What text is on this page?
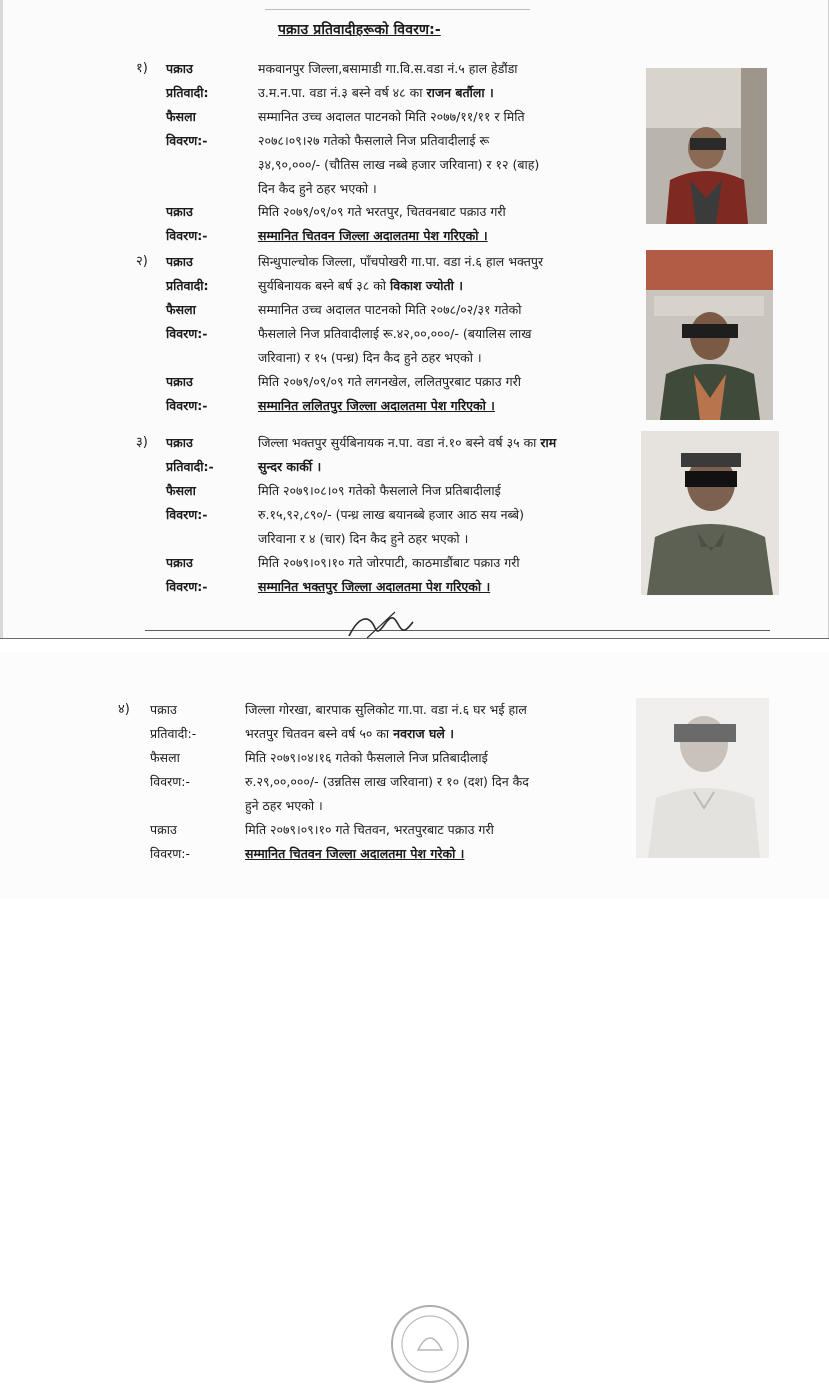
पक्राउ प्रतिवादीहरूको विवरण:-
१) पक्राउ
प्रतिवादी:
मकवानपुर जिल्ला,बसामाडी गा.वि.स.वडा नं.५ हाल हेडौंडा
उ.म.न.पा. वडा नं.३ बस्ने वर्ष ४८ का राजन बर्तौला ।
फैसला
विवरण:-
सम्मानित उच्च अदालत पाटनको मिति २०७७/११/११ र मिति
२०७८।०९।२७ गतेको फैसलाले निज प्रतिवादीलाई रू
३४,९०,०००/- (चौतिस लाख नब्बे हजार जरिवाना) र १२ (बाह)
दिन कैद हुने ठहर भएको ।
पक्राउ
विवरण:-
मिति २०७९/०९/०९ गते भरतपुर, चितवनबाट पक्राउ गरी
सम्मानित चितवन जिल्ला अदालतमा पेश गरिएको ।
२) पक्राउ
प्रतिवादी:
सिन्धुपाल्चोक जिल्ला, पाँचपोखरी गा.पा. वडा नं.६ हाल भक्तपुर
सुर्यबिनायक बस्ने बर्ष ३८ को विकाश ज्योती ।
फैसला
विवरण:-
सम्मानित उच्च अदालत पाटनको मिति २०७८/०२/३१ गतेको
फैसलाले निज प्रतिवादीलाई रू.४२,००,०००/- (बयालिस लाख
जरिवाना) र १५ (पन्ध्र) दिन कैद हुने ठहर भएको ।
पक्राउ
विवरण:-
मिति २०७९/०९/०९ गते लगनखेल, ललितपुरबाट पक्राउ गरी
सम्मानित ललितपुर जिल्ला अदालतमा पेश गरिएको ।
३) पक्राउ
प्रतिवादी:-
जिल्ला भक्तपुर सुर्यबिनायक न.पा. वडा नं.१० बस्ने वर्ष ३५ का राम
सुन्दर कार्की ।
फैसला
विवरण:-
मिति २०७९।०८।०९ गतेको फैसलाले निज प्रतिबादीलाई
रु.१५,९२,८९०/- (पन्ध्र लाख बयानब्बे हजार आठ सय नब्बे)
जरिवाना र ४ (चार) दिन कैद हुने ठहर भएको ।
पक्राउ
विवरण:-
मिति २०७९।०९।१० गते जोरपाटी, काठमाडौंबाट पक्राउ गरी
सम्मानित भक्तपुर जिल्ला अदालतमा पेश गरिएको ।
४) पक्राउ
प्रतिवादी:-
जिल्ला गोरखा, बारपाक सुलिकोट गा.पा. वडा नं.६ घर भई हाल
भरतपुर चितवन बस्ने वर्ष ५० का नवराज घले ।
फैसला
विवरण:-
मिति २०७९।०४।१६ गतेको फैसलाले निज प्रतिबादीलाई
रु.२९,००,०००/- (उन्नतिस लाख जरिवाना) र १० (दश) दिन कैद
हुने ठहर भएको ।
पक्राउ
विवरण:-
मिति २०७९।०९।१० गते चितवन, भरतपुरबाट पक्राउ गरी
सम्मानित चितवन जिल्ला अदालतमा पेश गरेको ।
